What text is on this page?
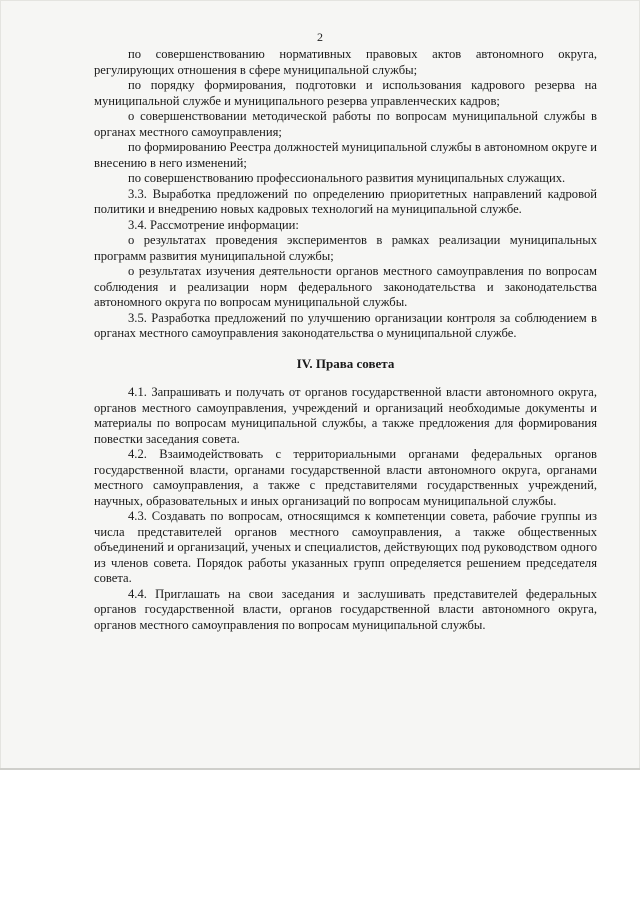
2

по совершенствованию нормативных правовых актов автономного округа, регулирующих отношения в сфере муниципальной службы;

по порядку формирования, подготовки и использования кадрового резерва на муниципальной службе и муниципального резерва управленческих кадров;

о совершенствовании методической работы по вопросам муниципальной службы в органах местного самоуправления;

по формированию Реестра должностей муниципальной службы в автономном округе и внесению в него изменений;

по совершенствованию профессионального развития муниципальных служащих.

3.3. Выработка предложений по определению приоритетных направлений кадровой политики и внедрению новых кадровых технологий на муниципальной службе.

3.4. Рассмотрение информации:

о результатах проведения экспериментов в рамках реализации муниципальных программ развития муниципальной службы;

о результатах изучения деятельности органов местного самоуправления по вопросам соблюдения и реализации норм федерального законодательства и законодательства автономного округа по вопросам муниципальной службы.

3.5. Разработка предложений по улучшению организации контроля за соблюдением в органах местного самоуправления законодательства о муниципальной службе.

IV. Права совета

4.1. Запрашивать и получать от органов государственной власти автономного округа, органов местного самоуправления, учреждений и организаций необходимые документы и материалы по вопросам муниципальной службы, а также предложения для формирования повестки заседания совета.

4.2. Взаимодействовать с территориальными органами федеральных органов государственной власти, органами государственной власти автономного округа, органами местного самоуправления, а также с представителями государственных учреждений, научных, образовательных и иных организаций по вопросам муниципальной службы.

4.3. Создавать по вопросам, относящимся к компетенции совета, рабочие группы из числа представителей органов местного самоуправления, а также общественных объединений и организаций, ученых и специалистов, действующих под руководством одного из членов совета. Порядок работы указанных групп определяется решением председателя совета.

4.4. Приглашать на свои заседания и заслушивать представителей федеральных органов государственной власти, органов государственной власти автономного округа, органов местного самоуправления по вопросам муниципальной службы.
